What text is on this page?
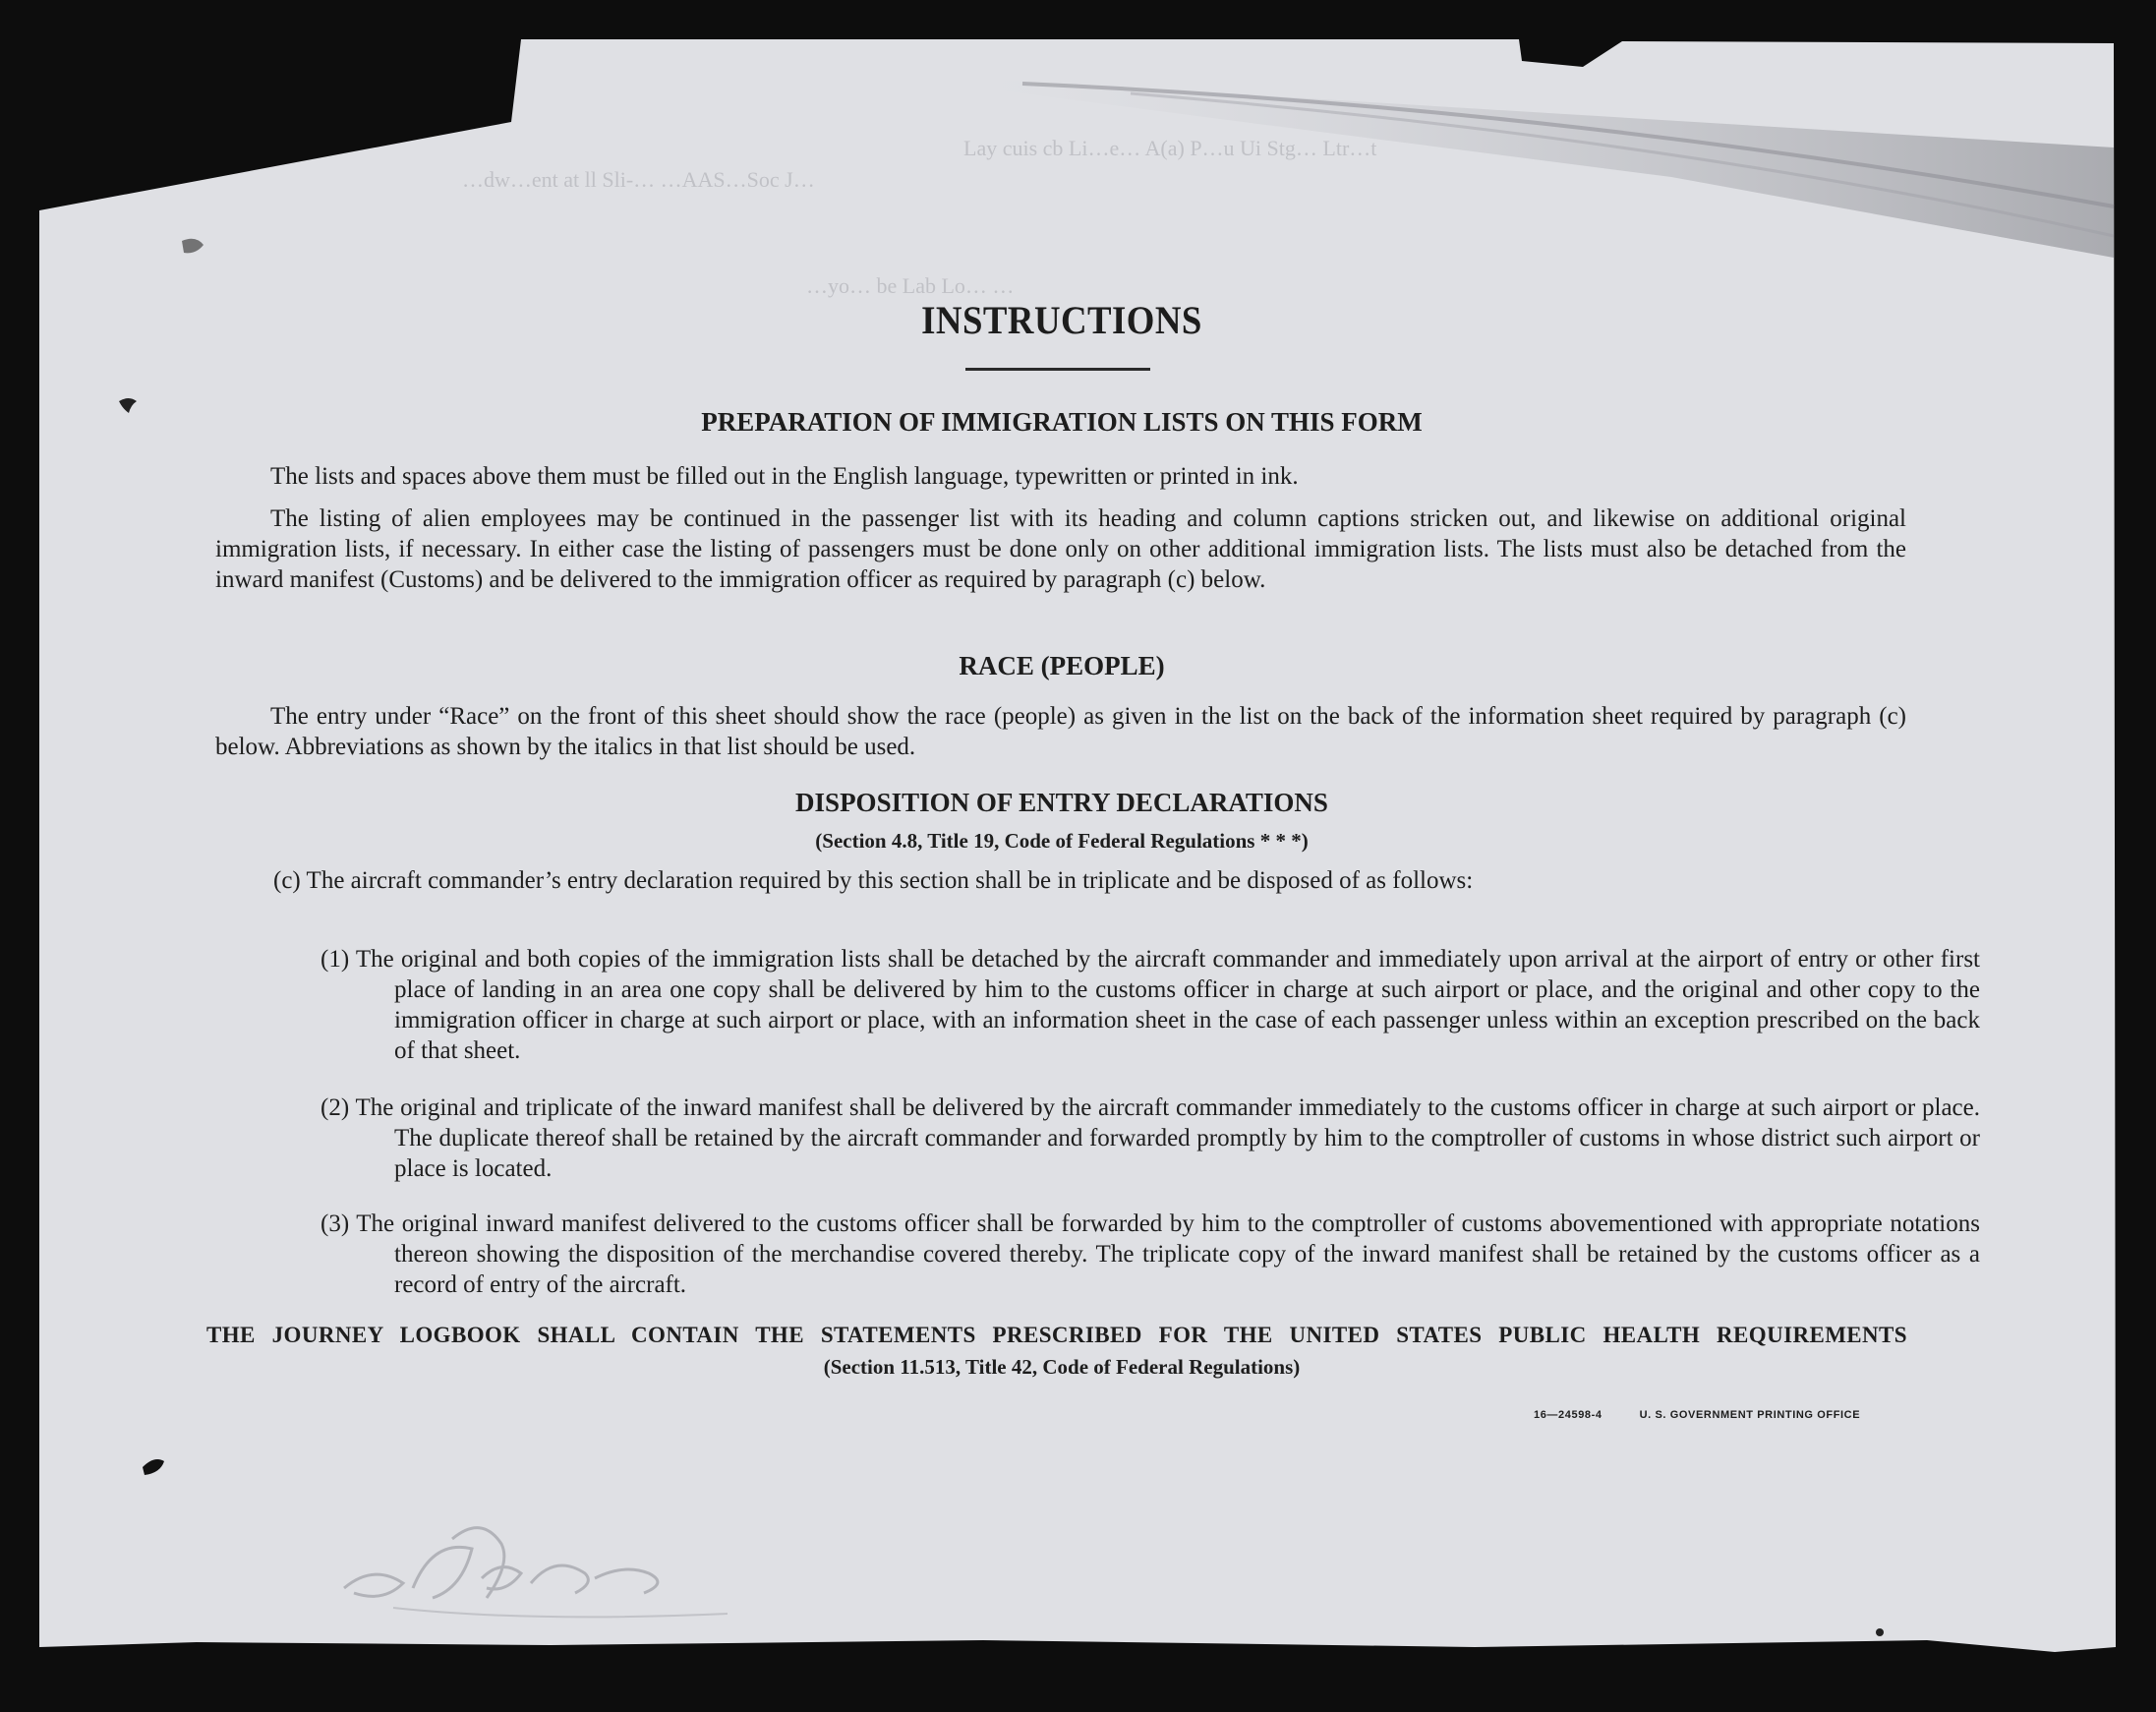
Lay cuis cb Li…e… A(a) P…u Ui Stg… Ltr…t
…dw…ent at ll Sli-… …AAS…Soc J…
…yo… be Lab Lo… …
INSTRUCTIONS
PREPARATION OF IMMIGRATION LISTS ON THIS FORM

The lists and spaces above them must be filled out in the English language, typewritten or printed in ink.

The listing of alien employees may be continued in the passenger list with its heading and column captions stricken out, and likewise on additional original immigration lists, if necessary. In either case the listing of passengers must be done only on other additional immigration lists. The lists must also be detached from the inward manifest (Customs) and be delivered to the immigration officer as required by paragraph (c) below.

RACE (PEOPLE)

The entry under “Race” on the front of this sheet should show the race (people) as given in the list on the back of the information sheet required by paragraph (c) below. Abbreviations as shown by the italics in that list should be used.

DISPOSITION OF ENTRY DECLARATIONS

(Section 4.8, Title 19, Code of Federal Regulations * * *)

(c) The aircraft commander’s entry declaration required by this section shall be in triplicate and be disposed of as follows:

(1) The original and both copies of the immigration lists shall be detached by the aircraft commander and immediately upon arrival at the airport of entry or other first place of landing in an area one copy shall be delivered by him to the customs officer in charge at such airport or place, and the original and other copy to the immigration officer in charge at such airport or place, with an information sheet in the case of each passenger unless within an exception prescribed on the back of that sheet.

(2) The original and triplicate of the inward manifest shall be delivered by the aircraft commander immediately to the customs officer in charge at such airport or place. The duplicate thereof shall be retained by the aircraft commander and forwarded promptly by him to the comptroller of customs in whose district such airport or place is located.

(3) The original inward manifest delivered to the customs officer shall be forwarded by him to the comptroller of customs abovementioned with appropriate notations thereon showing the disposition of the merchandise covered thereby. The triplicate copy of the inward manifest shall be retained by the customs officer as a record of entry of the aircraft.

THE JOURNEY LOGBOOK SHALL CONTAIN THE STATEMENTS PRESCRIBED FOR THE UNITED STATES PUBLIC HEALTH REQUIREMENTS

(Section 11.513, Title 42, Code of Federal Regulations)

16—24598-4	U. S. GOVERNMENT PRINTING OFFICE
